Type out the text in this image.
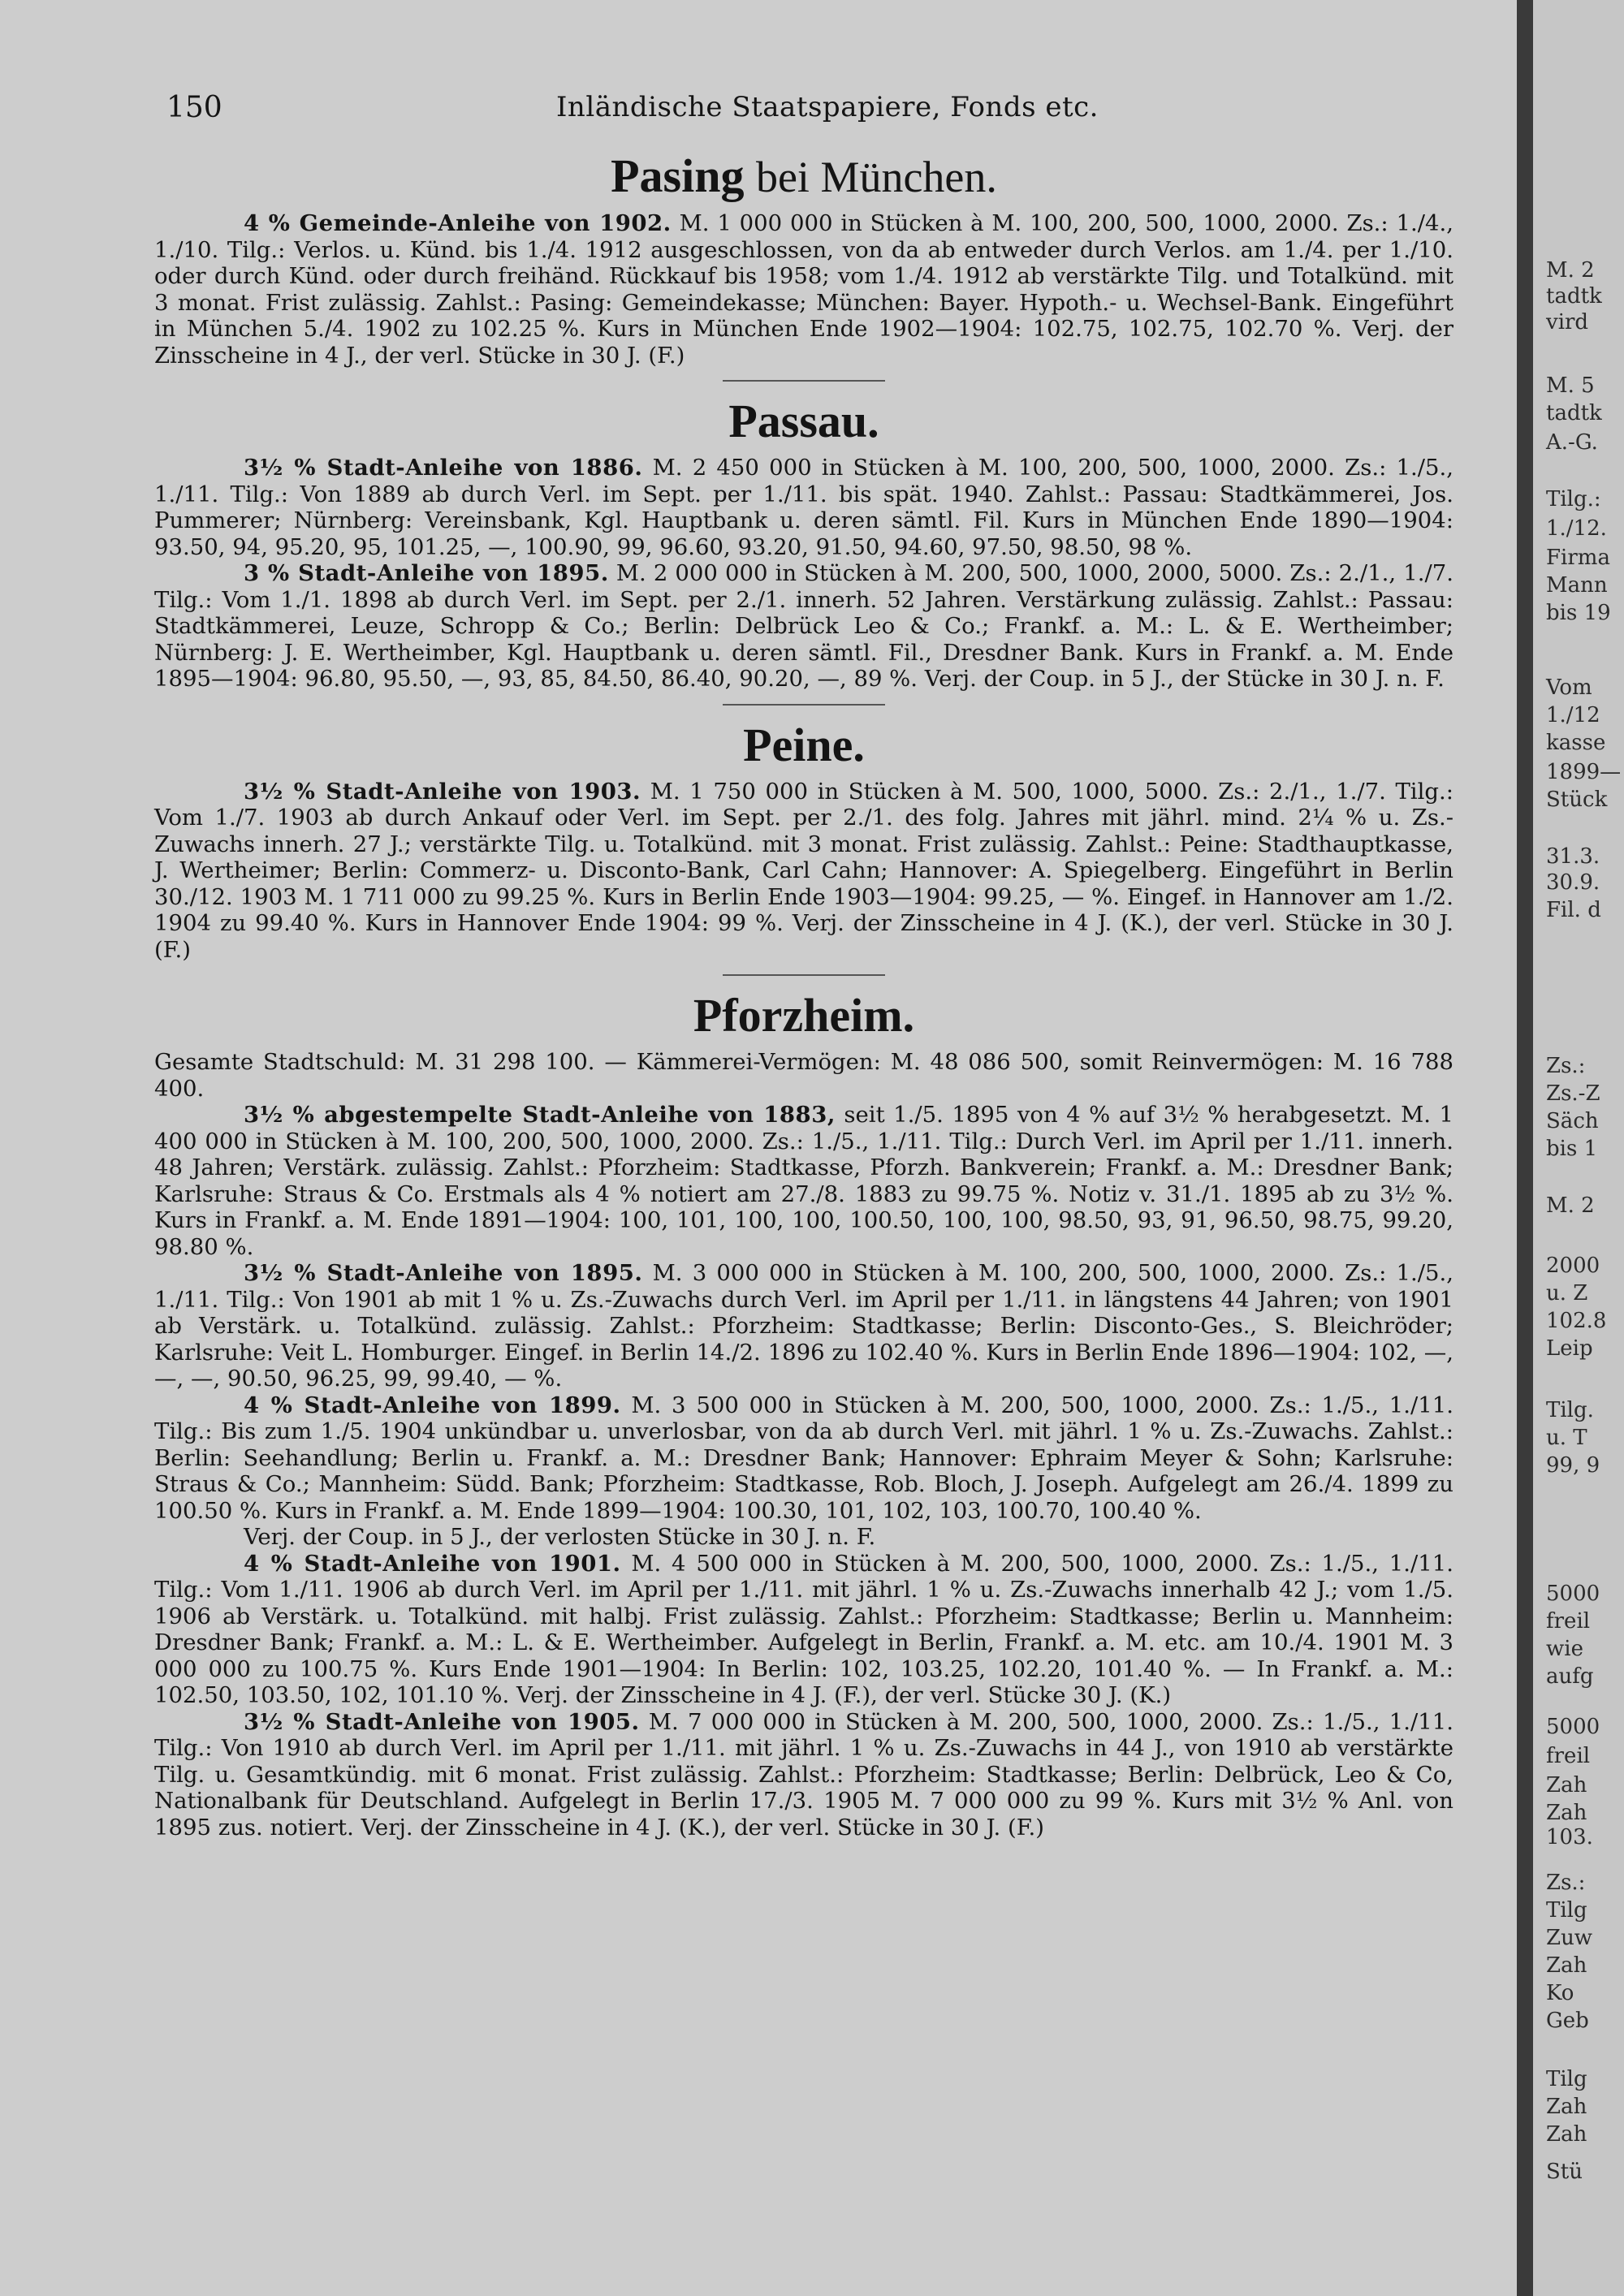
150	Inländische Staatspapiere, Fonds etc.
Pasing bei München.

4 % Gemeinde-Anleihe von 1902. M. 1 000 000 in Stücken à M. 100, 200, 500, 1000, 2000. Zs.: 1./4., 1./10. Tilg.: Verlos. u. Künd. bis 1./4. 1912 ausgeschlossen, von da ab entweder durch Verlos. am 1./4. per 1./10. oder durch Künd. oder durch freihänd. Rückkauf bis 1958; vom 1./4. 1912 ab verstärkte Tilg. und Totalkünd. mit 3 monat. Frist zulässig. Zahlst.: Pasing: Gemeindekasse; München: Bayer. Hypoth.- u. Wechsel-Bank. Eingeführt in München 5./4. 1902 zu 102.25 %. Kurs in München Ende 1902—1904: 102.75, 102.75, 102.70 %. Verj. der Zinsscheine in 4 J., der verl. Stücke in 30 J. (F.)

Passau.

3½ % Stadt-Anleihe von 1886. M. 2 450 000 in Stücken à M. 100, 200, 500, 1000, 2000. Zs.: 1./5., 1./11. Tilg.: Von 1889 ab durch Verl. im Sept. per 1./11. bis spät. 1940. Zahlst.: Passau: Stadtkämmerei, Jos. Pummerer; Nürnberg: Vereinsbank, Kgl. Hauptbank u. deren sämtl. Fil. Kurs in München Ende 1890—1904: 93.50, 94, 95.20, 95, 101.25, —, 100.90, 99, 96.60, 93.20, 91.50, 94.60, 97.50, 98.50, 98 %.

3 % Stadt-Anleihe von 1895. M. 2 000 000 in Stücken à M. 200, 500, 1000, 2000, 5000. Zs.: 2./1., 1./7. Tilg.: Vom 1./1. 1898 ab durch Verl. im Sept. per 2./1. innerh. 52 Jahren. Verstärkung zulässig. Zahlst.: Passau: Stadtkämmerei, Leuze, Schropp & Co.; Berlin: Delbrück Leo & Co.; Frankf. a. M.: L. & E. Wertheimber; Nürnberg: J. E. Wertheimber, Kgl. Hauptbank u. deren sämtl. Fil., Dresdner Bank. Kurs in Frankf. a. M. Ende 1895—1904: 96.80, 95.50, —, 93, 85, 84.50, 86.40, 90.20, —, 89 %. Verj. der Coup. in 5 J., der Stücke in 30 J. n. F.

Peine.

3½ % Stadt-Anleihe von 1903. M. 1 750 000 in Stücken à M. 500, 1000, 5000. Zs.: 2./1., 1./7. Tilg.: Vom 1./7. 1903 ab durch Ankauf oder Verl. im Sept. per 2./1. des folg. Jahres mit jährl. mind. 2¼ % u. Zs.-Zuwachs innerh. 27 J.; verstärkte Tilg. u. Totalkünd. mit 3 monat. Frist zulässig. Zahlst.: Peine: Stadthauptkasse, J. Wertheimer; Berlin: Commerz- u. Disconto-Bank, Carl Cahn; Hannover: A. Spiegelberg. Eingeführt in Berlin 30./12. 1903 M. 1 711 000 zu 99.25 %. Kurs in Berlin Ende 1903—1904: 99.25, — %. Eingef. in Hannover am 1./2. 1904 zu 99.40 %. Kurs in Hannover Ende 1904: 99 %. Verj. der Zinsscheine in 4 J. (K.), der verl. Stücke in 30 J. (F.)

Pforzheim.

Gesamte Stadtschuld: M. 31 298 100. — Kämmerei-Vermögen: M. 48 086 500, somit Reinvermögen: M. 16 788 400.

3½ % abgestempelte Stadt-Anleihe von 1883, seit 1./5. 1895 von 4 % auf 3½ % herabgesetzt. M. 1 400 000 in Stücken à M. 100, 200, 500, 1000, 2000. Zs.: 1./5., 1./11. Tilg.: Durch Verl. im April per 1./11. innerh. 48 Jahren; Verstärk. zulässig. Zahlst.: Pforzheim: Stadtkasse, Pforzh. Bankverein; Frankf. a. M.: Dresdner Bank; Karlsruhe: Straus & Co. Erstmals als 4 % notiert am 27./8. 1883 zu 99.75 %. Notiz v. 31./1. 1895 ab zu 3½ %. Kurs in Frankf. a. M. Ende 1891—1904: 100, 101, 100, 100, 100.50, 100, 100, 98.50, 93, 91, 96.50, 98.75, 99.20, 98.80 %.

3½ % Stadt-Anleihe von 1895. M. 3 000 000 in Stücken à M. 100, 200, 500, 1000, 2000. Zs.: 1./5., 1./11. Tilg.: Von 1901 ab mit 1 % u. Zs.-Zuwachs durch Verl. im April per 1./11. in längstens 44 Jahren; von 1901 ab Verstärk. u. Totalkünd. zulässig. Zahlst.: Pforzheim: Stadtkasse; Berlin: Disconto-Ges., S. Bleichröder; Karlsruhe: Veit L. Homburger. Eingef. in Berlin 14./2. 1896 zu 102.40 %. Kurs in Berlin Ende 1896—1904: 102, —, —, —, 90.50, 96.25, 99, 99.40, — %.

4 % Stadt-Anleihe von 1899. M. 3 500 000 in Stücken à M. 200, 500, 1000, 2000. Zs.: 1./5., 1./11. Tilg.: Bis zum 1./5. 1904 unkündbar u. unverlosbar, von da ab durch Verl. mit jährl. 1 % u. Zs.-Zuwachs. Zahlst.: Berlin: Seehandlung; Berlin u. Frankf. a. M.: Dresdner Bank; Hannover: Ephraim Meyer & Sohn; Karlsruhe: Straus & Co.; Mannheim: Südd. Bank; Pforzheim: Stadtkasse, Rob. Bloch, J. Joseph. Aufgelegt am 26./4. 1899 zu 100.50 %. Kurs in Frankf. a. M. Ende 1899—1904: 100.30, 101, 102, 103, 100.70, 100.40 %.

Verj. der Coup. in 5 J., der verlosten Stücke in 30 J. n. F.

4 % Stadt-Anleihe von 1901. M. 4 500 000 in Stücken à M. 200, 500, 1000, 2000. Zs.: 1./5., 1./11. Tilg.: Vom 1./11. 1906 ab durch Verl. im April per 1./11. mit jährl. 1 % u. Zs.-Zuwachs innerhalb 42 J.; vom 1./5. 1906 ab Verstärk. u. Totalkünd. mit halbj. Frist zulässig. Zahlst.: Pforzheim: Stadtkasse; Berlin u. Mannheim: Dresdner Bank; Frankf. a. M.: L. & E. Wertheimber. Aufgelegt in Berlin, Frankf. a. M. etc. am 10./4. 1901 M. 3 000 000 zu 100.75 %. Kurs Ende 1901—1904: In Berlin: 102, 103.25, 102.20, 101.40 %. — In Frankf. a. M.: 102.50, 103.50, 102, 101.10 %. Verj. der Zinsscheine in 4 J. (F.), der verl. Stücke 30 J. (K.)

3½ % Stadt-Anleihe von 1905. M. 7 000 000 in Stücken à M. 200, 500, 1000, 2000. Zs.: 1./5., 1./11. Tilg.: Von 1910 ab durch Verl. im April per 1./11. mit jährl. 1 % u. Zs.-Zuwachs in 44 J., von 1910 ab verstärkte Tilg. u. Gesamtkündig. mit 6 monat. Frist zulässig. Zahlst.: Pforzheim: Stadtkasse; Berlin: Delbrück, Leo & Co, Nationalbank für Deutschland. Aufgelegt in Berlin 17./3. 1905 M. 7 000 000 zu 99 %. Kurs mit 3½ % Anl. von 1895 zus. notiert. Verj. der Zinsscheine in 4 J. (K.), der verl. Stücke in 30 J. (F.)

M. 2
tadtk
vird
M. 5
tadtk
A.-G.
Tilg.:
1./12.
Firma
Mann
bis 19
Vom
1./12
kasse
1899—
Stück
31.3.
30.9.
Fil. d
Zs.:
Zs.-Z
Säch
bis 1
M. 2
2000
u. Z
102.8
Leip
Tilg.
u. T
99, 9
5000
freil
wie
aufg
5000
freil
Zah
Zah
103.
Zs.:
Tilg
Zuw
Zah
Ko
Geb
Tilg
Zah
Zah
Stü
